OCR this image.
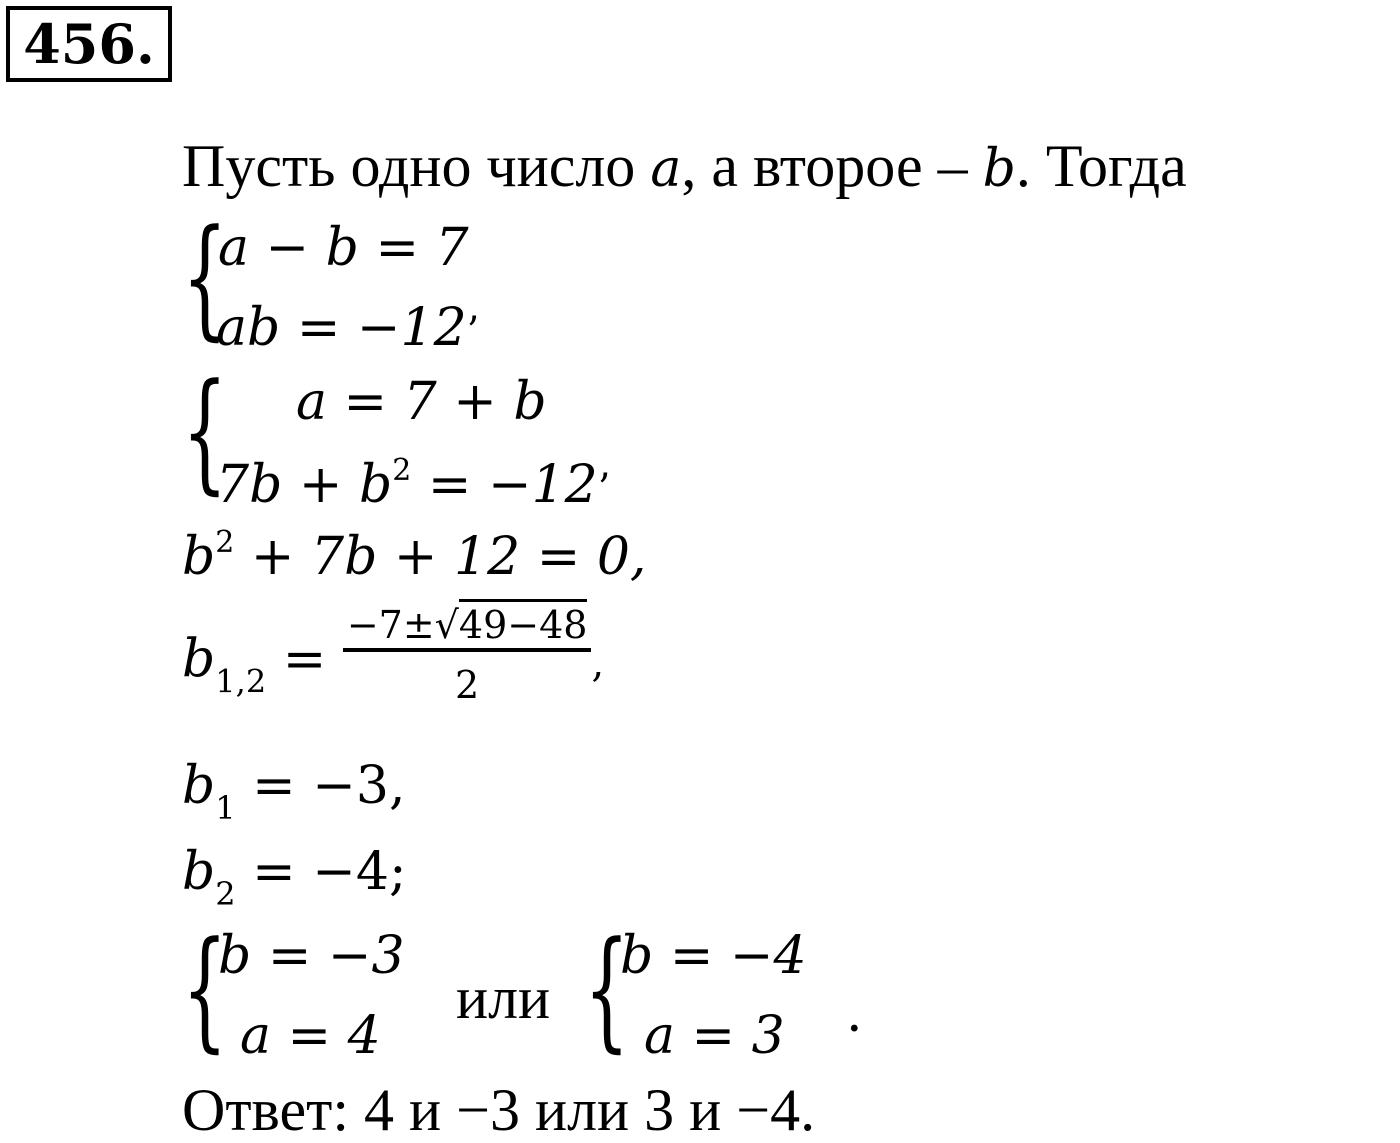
456.
Пусть одно число a, а второе – b. Тогда
{
a − b = 7
ab = −12’
{ a = 7 + b
$7b + b^2 = -12$’
$b^2 + 7b + 12 = 0$,
$b_{1,2} = \frac{-7\pm√49-48}{2}$ ,
$b_1 = -3$,
$b_2 = -4$;
{
b = −3
a = 4
или {
b = −4
a = 3 .
Ответ: 4 и −3 или 3 и −4.
